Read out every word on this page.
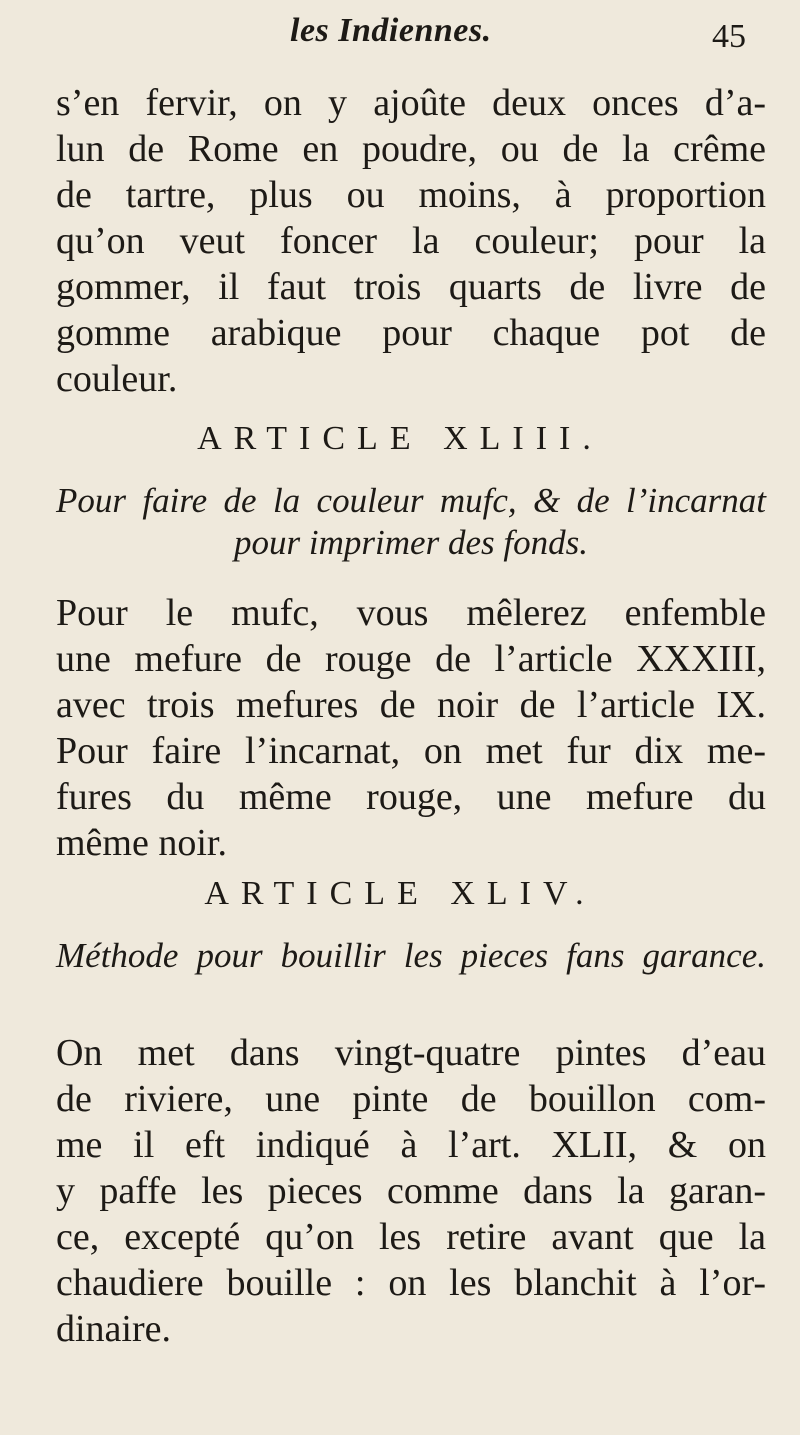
les Indiennes.	45
s’en fervir, on y ajoûte deux onces d’a-
lun de Rome en poudre, ou de la crême
de tartre, plus ou moins, à proportion
qu’on veut foncer la couleur; pour la
gommer, il faut trois quarts de livre de
gomme arabique pour chaque pot de
couleur.
ARTICLE XLIII.
Pour faire de la couleur mufc, & de l’incarnat
pour imprimer des fonds.
Pour le mufc, vous mêlerez enfemble
une mefure de rouge de l’article XXXIII,
avec trois mefures de noir de l’article IX.
Pour faire l’incarnat, on met fur dix me-
fures du même rouge, une mefure du
même noir.
ARTICLE XLIV.
Méthode pour bouillir les pieces fans garance.
On met dans vingt-quatre pintes d’eau
de riviere, une pinte de bouillon com-
me il eft indiqué à l’art. XLII, & on
y paffe les pieces comme dans la garan-
ce, excepté qu’on les retire avant que la
chaudiere bouille : on les blanchit à l’or-
dinaire.
